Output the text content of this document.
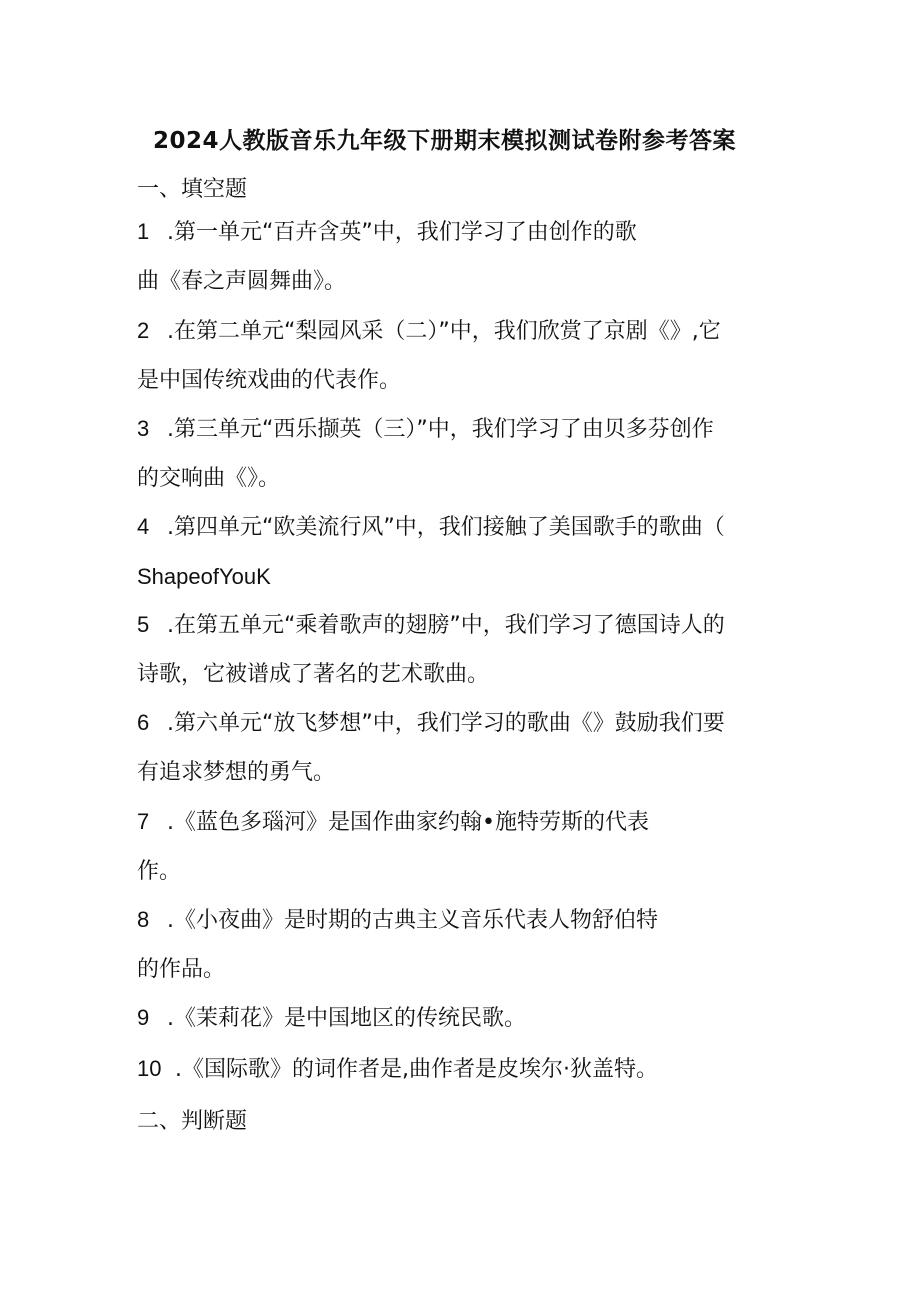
2024人教版音乐九年级下册期末模拟测试卷附参考答案
一、填空题
1 .第一单元“百卉含英”中，我们学习了由创作的歌
曲《春之声圆舞曲》。
2 .在第二单元“梨园风采（二）”中，我们欣赏了京剧《》,它
是中国传统戏曲的代表作。
3 .第三单元“西乐撷英（三）”中，我们学习了由贝多芬创作
的交响曲《》。
4 .第四单元“欧美流行风”中，我们接触了美国歌手的歌曲（
ShapeofYouK
5 .在第五单元“乘着歌声的翅膀”中，我们学习了德国诗人的
诗歌，它被谱成了著名的艺术歌曲。
6 .第六单元“放飞梦想”中，我们学习的歌曲《》鼓励我们要
有追求梦想的勇气。
7 .《蓝色多瑙河》是国作曲家约翰•施特劳斯的代表
作。
8 .《小夜曲》是时期的古典主义音乐代表人物舒伯特
的作品。
9 .《茉莉花》是中国地区的传统民歌。
10 .《国际歌》的词作者是,曲作者是皮埃尔·狄盖特。
二、判断题
